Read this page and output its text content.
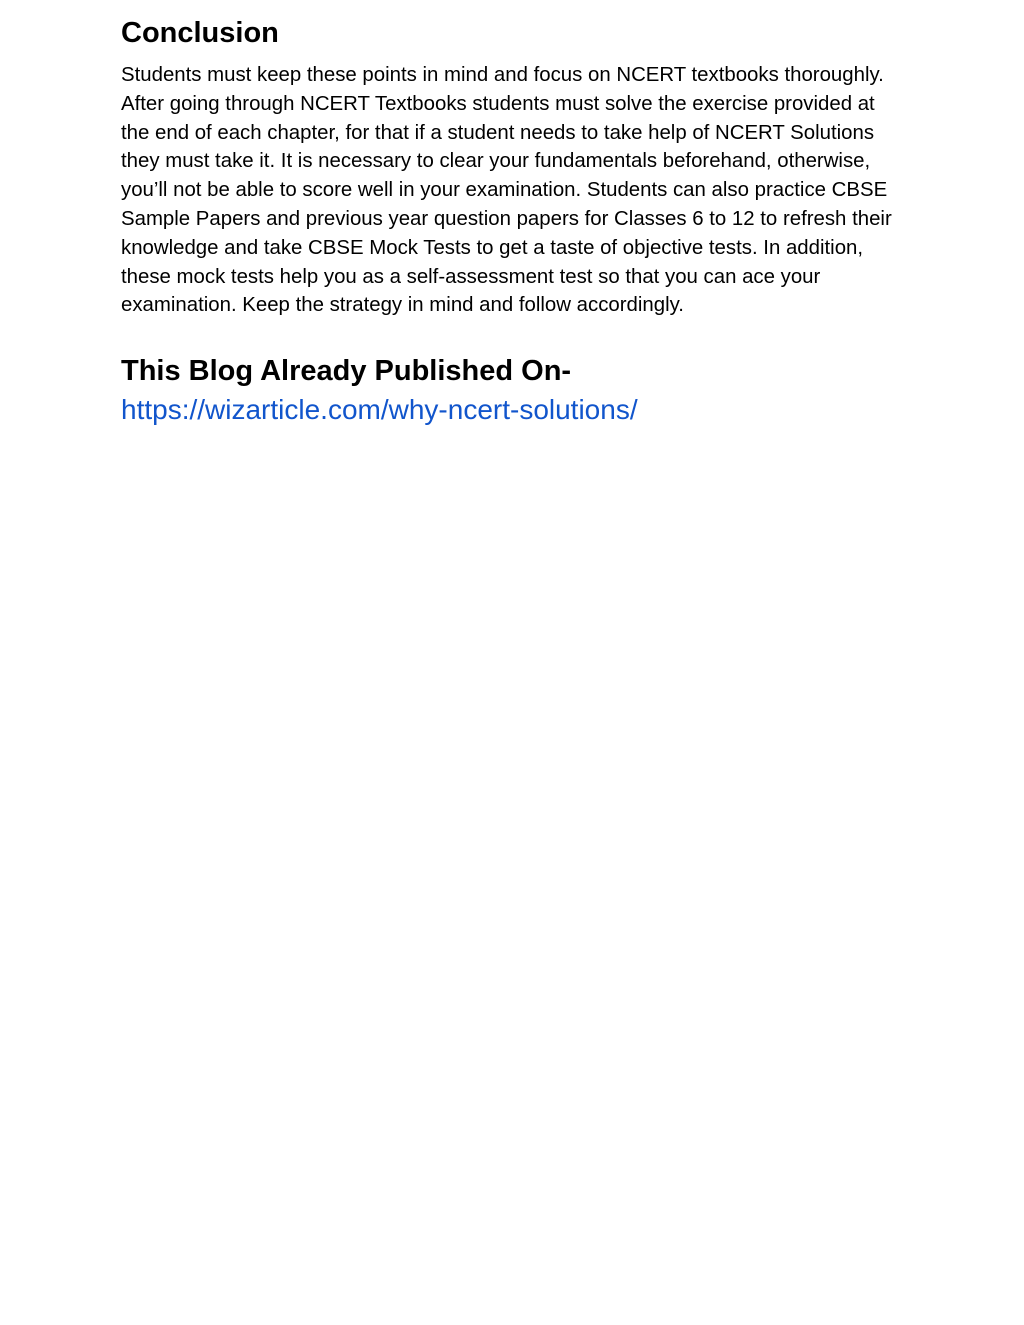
Conclusion

Students must keep these points in mind and focus on NCERT textbooks thoroughly. After going through NCERT Textbooks students must solve the exercise provided at the end of each chapter, for that if a student needs to take help of NCERT Solutions they must take it. It is necessary to clear your fundamentals beforehand, otherwise, you’ll not be able to score well in your examination. Students can also practice CBSE Sample Papers and previous year question papers for Classes 6 to 12 to refresh their knowledge and take CBSE Mock Tests to get a taste of objective tests. In addition, these mock tests help you as a self-assessment test so that you can ace your examination. Keep the strategy in mind and follow accordingly.

This Blog Already Published On-
https://wizarticle.com/why-ncert-solutions/
